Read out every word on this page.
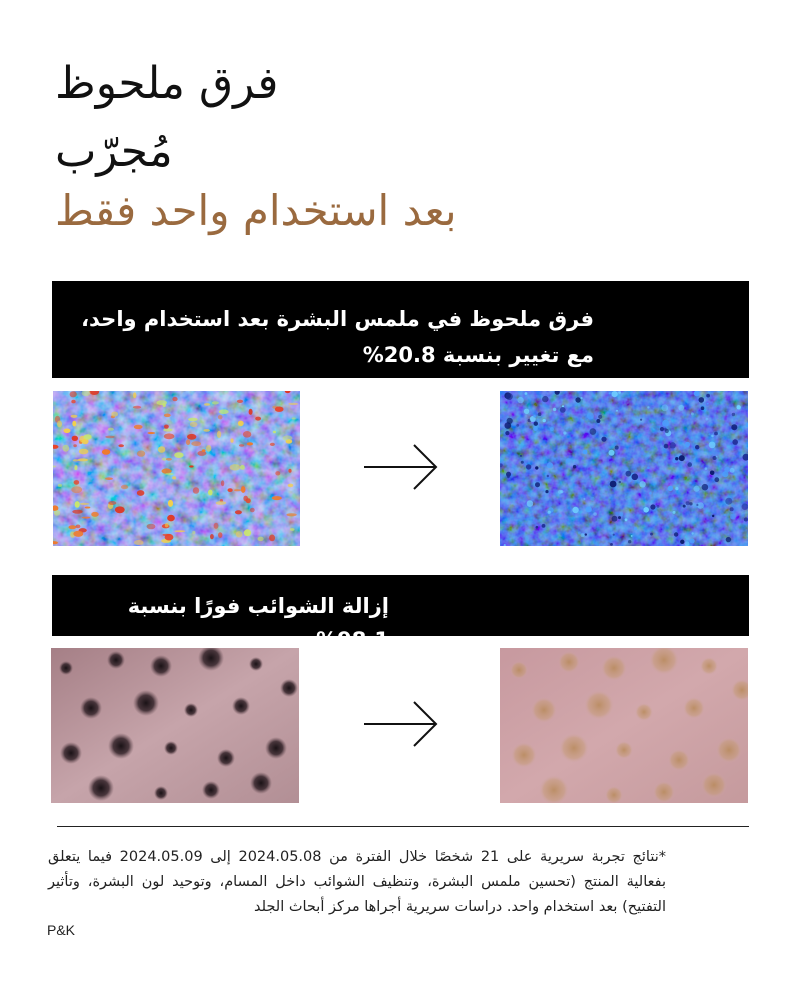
فرق ملحوظ
مُجرّب
بعد استخدام واحد فقط
فرق ملحوظ في ملمس البشرة بعد استخدام واحد، مع تغيير بنسبة 20.8%
إزالة الشوائب فورًا بنسبة 98.1%
*نتائج تجربة سريرية على 21 شخصًا خلال الفترة من 2024.05.08 إلى 2024.05.09 فيما يتعلق بفعالية المنتج (تحسين ملمس البشرة، وتنظيف الشوائب داخل المسام، وتوحيد لون البشرة، وتأثير التفتيح) بعد استخدام واحد. دراسات سريرية أجراها مركز أبحاث الجلد
P&K
